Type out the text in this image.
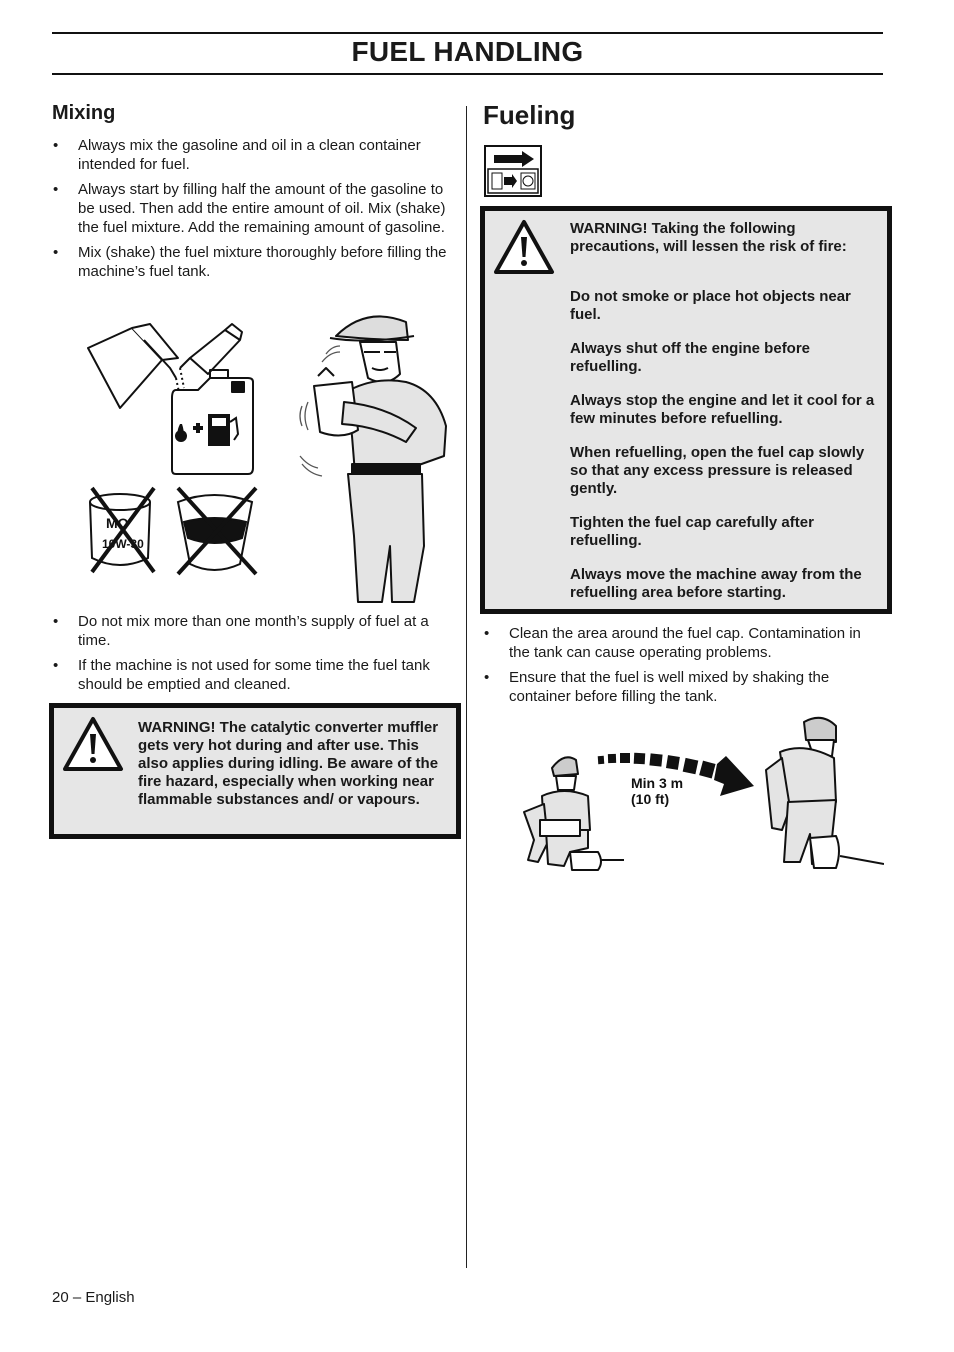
FUEL HANDLING
Mixing
• Always mix the gasoline and oil in a clean container intended for fuel.
• Always start by filling half the amount of the gasoline to be used. Then add the entire amount of oil. Mix (shake) the fuel mixture. Add the remaining amount of gasoline.
• Mix (shake) the fuel mixture thoroughly before filling the machine’s fuel tank.
MO
10W-30
• Do not mix more than one month’s supply of fuel at a time.
• If the machine is not used for some time the fuel tank should be emptied and cleaned.

WARNING! The catalytic converter muffler gets very hot during and after use. This also applies during idling. Be aware of the fire hazard, especially when working near flammable substances and/ or vapours.

Fueling

WARNING! Taking the following precautions, will lessen the risk of fire:

Do not smoke or place hot objects near fuel.

Always shut off the engine before refuelling.

Always stop the engine and let it cool for a few minutes before refuelling.

When refuelling, open the fuel cap slowly so that any excess pressure is released gently.

Tighten the fuel cap carefully after refuelling.

Always move the machine away from the refuelling area before starting.

• Clean the area around the fuel cap. Contamination in the tank can cause operating problems.
• Ensure that the fuel is well mixed by shaking the container before filling the tank.
Min 3 m
(10 ft)
20 – English
